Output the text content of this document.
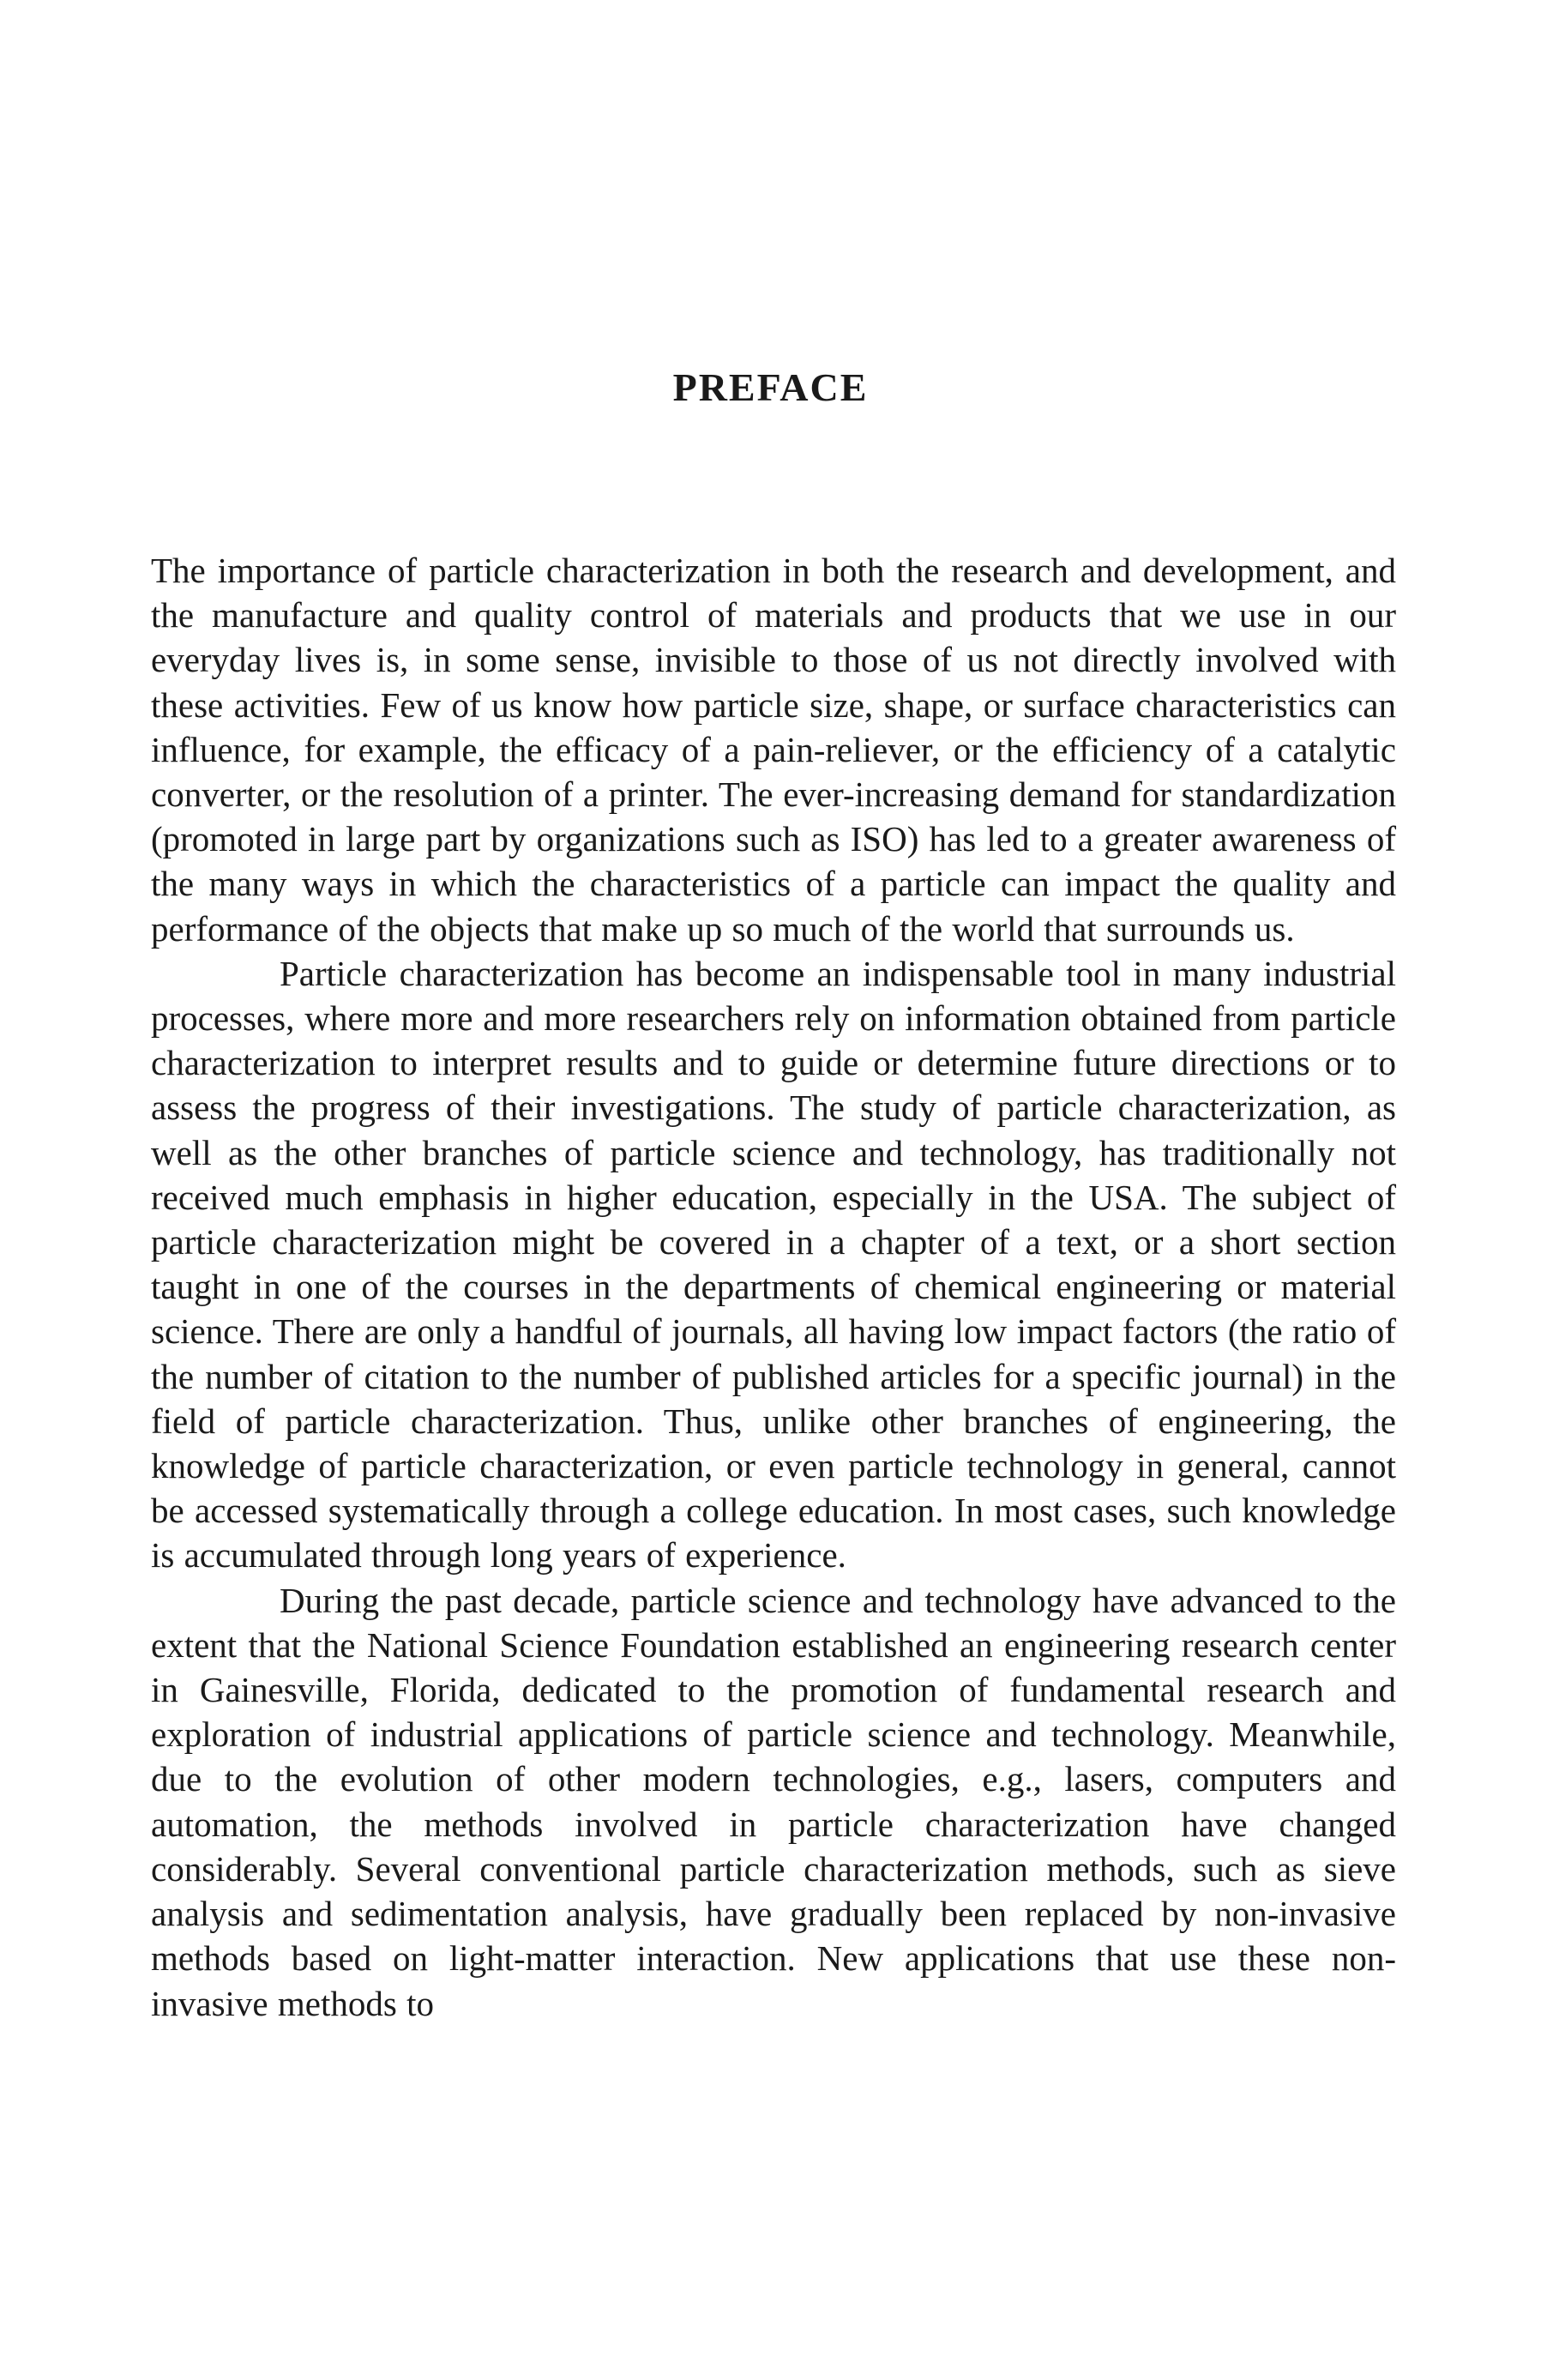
PREFACE

The importance of particle characterization in both the research and development, and the manufacture and quality control of materials and products that we use in our everyday lives is, in some sense, invisible to those of us not directly involved with these activities. Few of us know how particle size, shape, or surface characteristics can influence, for example, the efficacy of a pain-reliever, or the efficiency of a catalytic converter, or the resolution of a printer. The ever-increasing demand for standardization (promoted in large part by organizations such as ISO) has led to a greater awareness of the many ways in which the characteristics of a particle can impact the quality and performance of the objects that make up so much of the world that surrounds us.

Particle characterization has become an indispensable tool in many industrial processes, where more and more researchers rely on information obtained from particle characterization to interpret results and to guide or determine future directions or to assess the progress of their investigations. The study of particle characterization, as well as the other branches of particle science and technology, has traditionally not received much emphasis in higher education, especially in the USA. The subject of particle characterization might be covered in a chapter of a text, or a short section taught in one of the courses in the departments of chemical engineering or material science. There are only a handful of journals, all having low impact factors (the ratio of the number of citation to the number of published articles for a specific journal) in the field of particle characterization. Thus, unlike other branches of engineering, the knowledge of particle characterization, or even particle technology in general, cannot be accessed systematically through a college education. In most cases, such knowledge is accumulated through long years of experience.

During the past decade, particle science and technology have advanced to the extent that the National Science Foundation established an engineering research center in Gainesville, Florida, dedicated to the promotion of fundamental research and exploration of industrial applications of particle science and technology. Meanwhile, due to the evolution of other modern technologies, e.g., lasers, computers and automation, the methods involved in particle characterization have changed considerably. Several conventional particle characterization methods, such as sieve analysis and sedimentation analysis, have gradually been replaced by non-invasive methods based on light-matter interaction. New applications that use these non-invasive methods to
